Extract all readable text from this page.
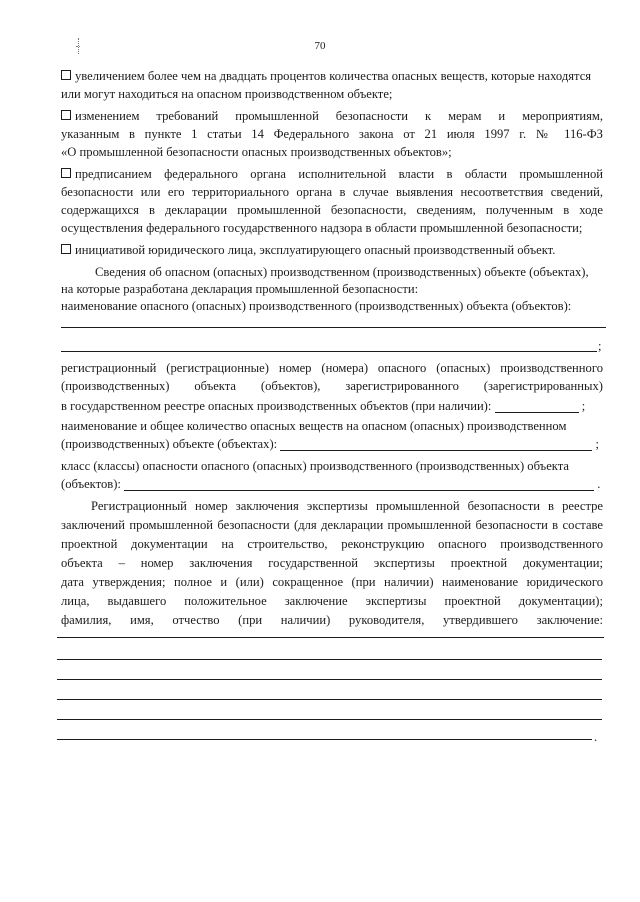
70
увеличением более чем на двадцать процентов количества опасных веществ, которые находятся
или могут находиться на опасном производственном объекте;
изменением требований промышленной безопасности к мерам и мероприятиям,
указанным в пункте 1 статьи 14 Федерального закона от 21 июля 1997 г. № 116-ФЗ
«О промышленной безопасности опасных производственных объектов»;
предписанием федерального органа исполнительной власти в области промышленной
безопасности или его территориального органа в случае выявления несоответствия сведений,
содержащихся в декларации промышленной безопасности, сведениям, полученным в ходе
осуществления федерального государственного надзора в области промышленной безопасности;
инициативой юридического лица, эксплуатирующего опасный производственный объект.
Сведения об опасном (опасных) производственном (производственных) объекте (объектах),
на которые разработана декларация промышленной безопасности:
наименование опасного (опасных) производственного (производственных) объекта (объектов):
;
регистрационный (регистрационные) номер (номера) опасного (опасных) производственного
(производственных) объекта (объектов), зарегистрированного (зарегистрированных)
в государственном реестре опасных производственных объектов (при наличии):	;
наименование и общее количество опасных веществ на опасном (опасных) производственном
(производственных) объекте (объектах):	;
класс (классы) опасности опасного (опасных) производственного (производственных) объекта
(объектов):	.
Регистрационный номер заключения экспертизы промышленной безопасности в реестре
заключений промышленной безопасности (для декларации промышленной безопасности в составе
проектной документации на строительство, реконструкцию опасного производственного
объекта – номер заключения государственной экспертизы проектной документации;
дата утверждения; полное и (или) сокращенное (при наличии) наименование юридического
лица, выдавшего положительное заключение экспертизы проектной документации);
фамилия, имя, отчество (при наличии) руководителя, утвердившего заключение:
.
